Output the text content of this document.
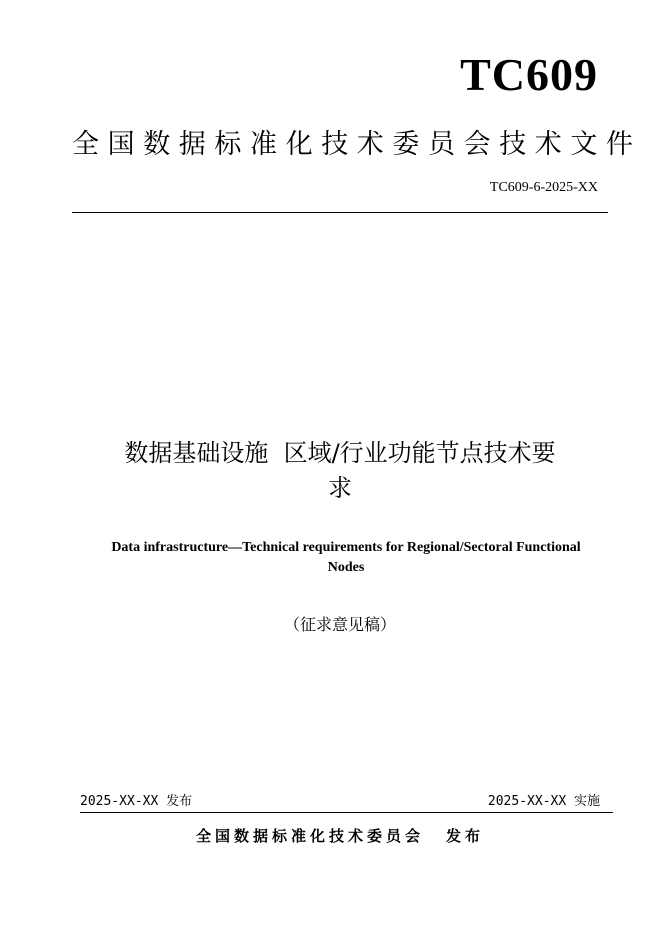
TC609
全国数据标准化技术委员会技术文件
TC609-6-2025-XX
数据基础设施  区域/行业功能节点技术要
求
Data infrastructure—Technical requirements for Regional/Sectoral Functional
Nodes
（征求意见稿）
2025-XX-XX 发布	2025-XX-XX 实施
全国数据标准化技术委员会 发布
